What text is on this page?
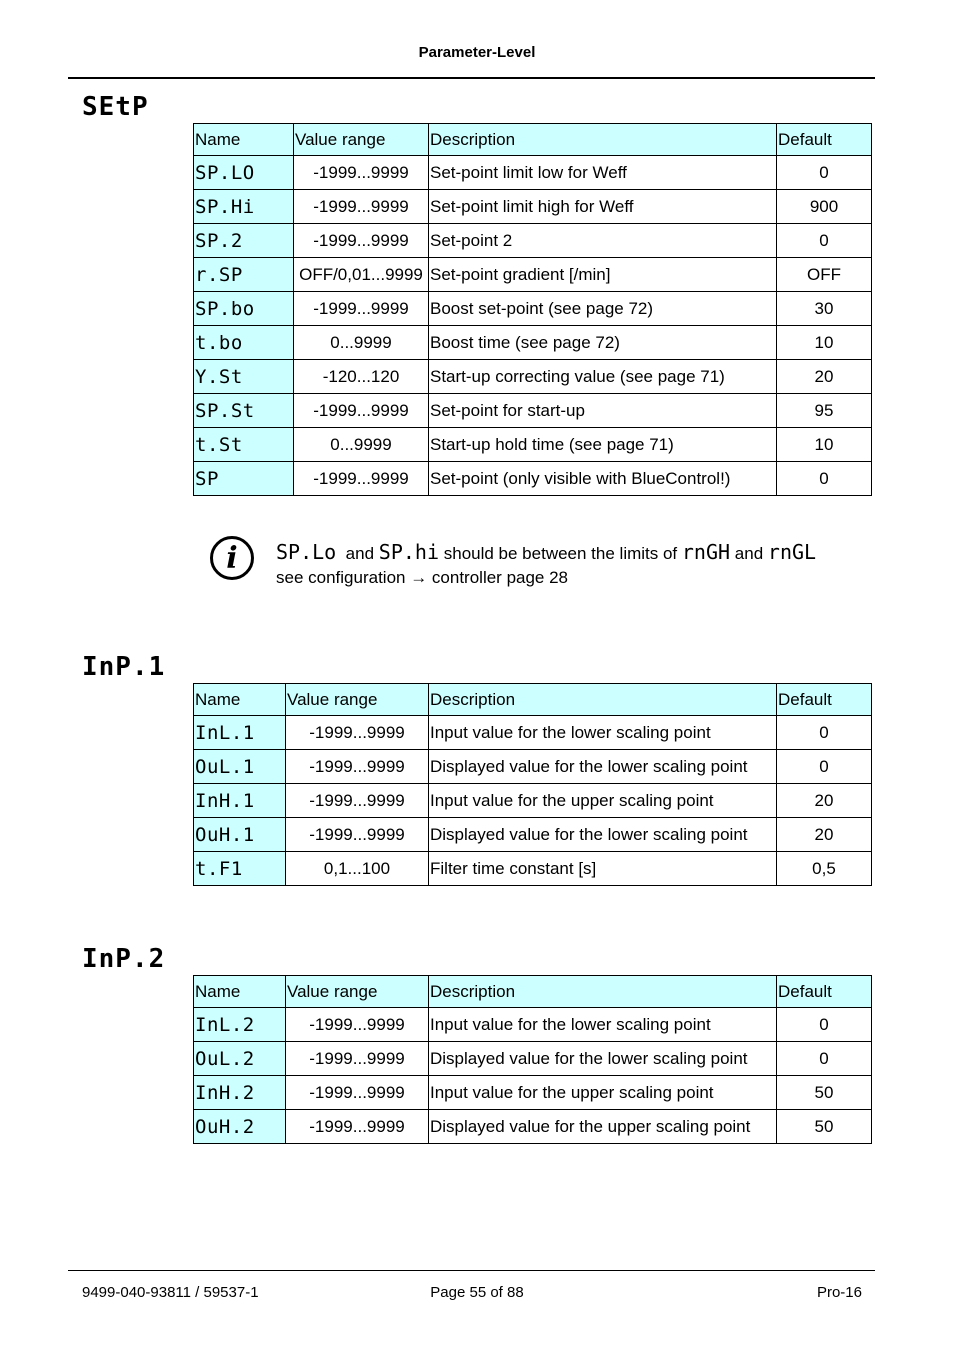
Parameter-Level
SEtP
Name	Value range	Description	Default
SP.LO	-1999...9999	Set-point limit low for Weff	0
SP.Hi	-1999...9999	Set-point limit high for Weff	900
SP.2	-1999...9999	Set-point 2	0
r.SP	OFF/0,01...9999	Set-point gradient [/min]	OFF
SP.bo	-1999...9999	Boost set-point (see page 72)	30
t.bo	0...9999	Boost time (see page 72)	10
Y.St	-120...120	Start-up correcting value (see page 71)	20
SP.St	-1999...9999	Set-point for start-up	95
t.St	0...9999	Start-up hold time (see page 71)	10
SP	-1999...9999	Set-point (only visible with BlueControl!)	0
i	SP.Lo and SP.hi should be between the limits of rnGH and rnGL
see configuration → controller page 28
InP.1
Name	Value range	Description	Default
InL.1	-1999...9999	Input value for the lower scaling point	0
OuL.1	-1999...9999	Displayed value for the lower scaling point	0
InH.1	-1999...9999	Input value for the upper scaling point	20
OuH.1	-1999...9999	Displayed value for the lower scaling point	20
t.F1	0,1...100	Filter time constant [s]	0,5
InP.2
Name	Value range	Description	Default
InL.2	-1999...9999	Input value for the lower scaling point	0
OuL.2	-1999...9999	Displayed value for the lower scaling point	0
InH.2	-1999...9999	Input value for the upper scaling point	50
OuH.2	-1999...9999	Displayed value for the upper scaling point	50
9499-040-93811 / 59537-1	Page 55 of 88	Pro-16
